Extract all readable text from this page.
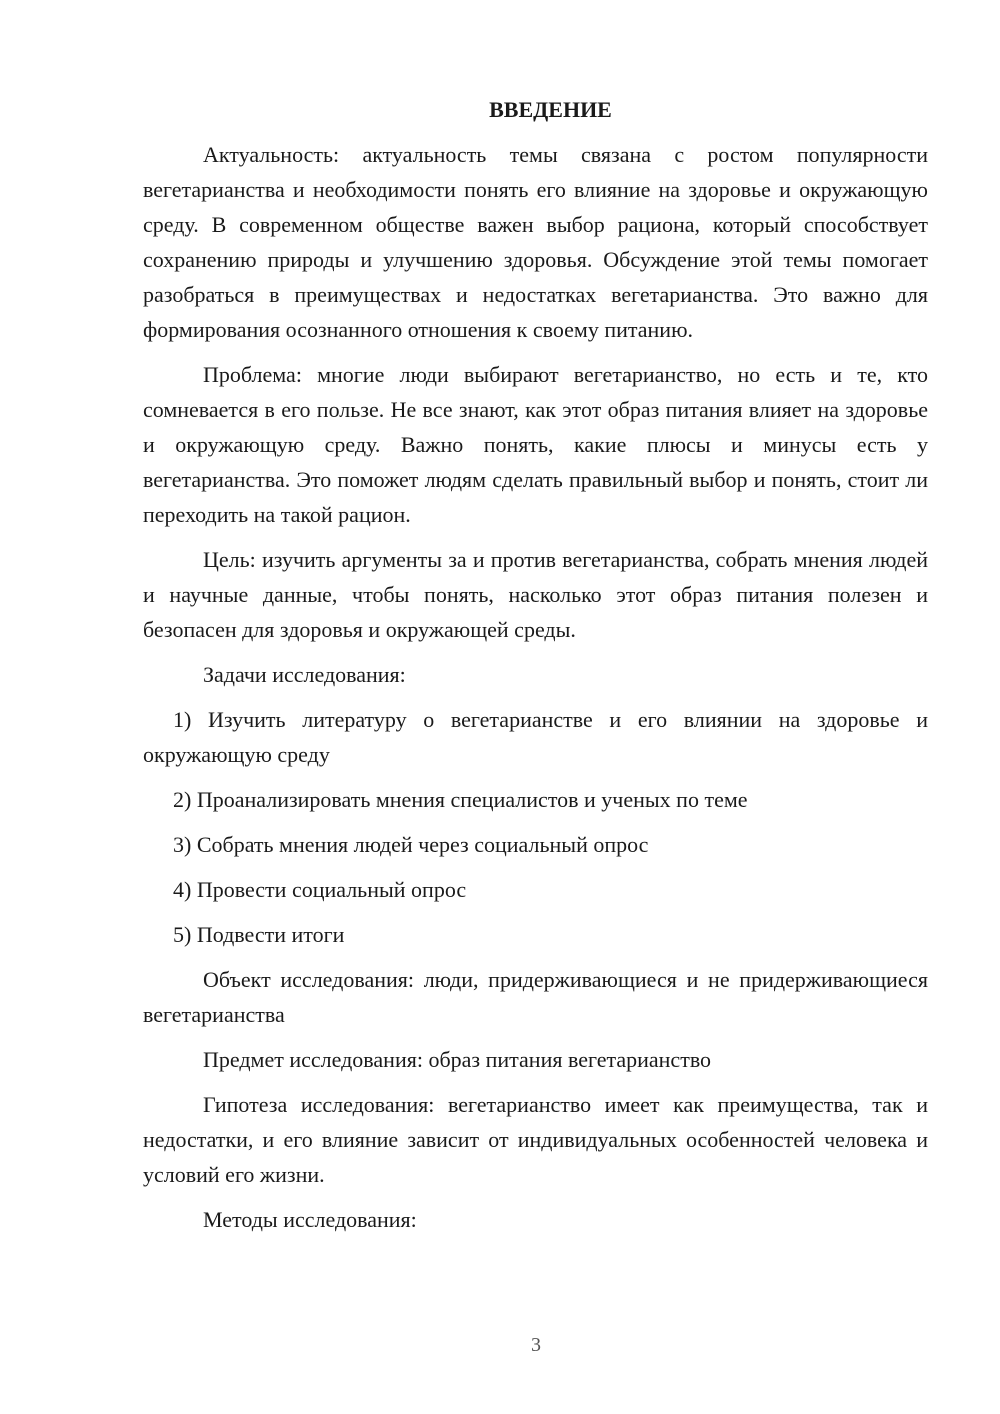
ВВЕДЕНИЕ

Актуальность: актуальность темы связана с ростом популярности вегетарианства и необходимости понять его влияние на здоровье и окружающую среду. В современном обществе важен выбор рациона, который способствует сохранению природы и улучшению здоровья. Обсуждение этой темы помогает разобраться в преимуществах и недостатках вегетарианства. Это важно для формирования осознанного отношения к своему питанию.

Проблема: многие люди выбирают вегетарианство, но есть и те, кто сомневается в его пользе. Не все знают, как этот образ питания влияет на здоровье и окружающую среду. Важно понять, какие плюсы и минусы есть у вегетарианства. Это поможет людям сделать правильный выбор и понять, стоит ли переходить на такой рацион.

Цель: изучить аргументы за и против вегетарианства, собрать мнения людей и научные данные, чтобы понять, насколько этот образ питания полезен и безопасен для здоровья и окружающей среды.

Задачи исследования:

1) Изучить литературу о вегетарианстве и его влиянии на здоровье и окружающую среду

2) Проанализировать мнения специалистов и ученых по теме

3) Собрать мнения людей через социальный опрос

4) Провести социальный опрос

5) Подвести итоги

Объект исследования: люди, придерживающиеся и не придерживающиеся вегетарианства

Предмет исследования: образ питания вегетарианство

Гипотеза исследования: вегетарианство имеет как преимущества, так и недостатки, и его влияние зависит от индивидуальных особенностей человека и условий его жизни.

Методы исследования:

3
